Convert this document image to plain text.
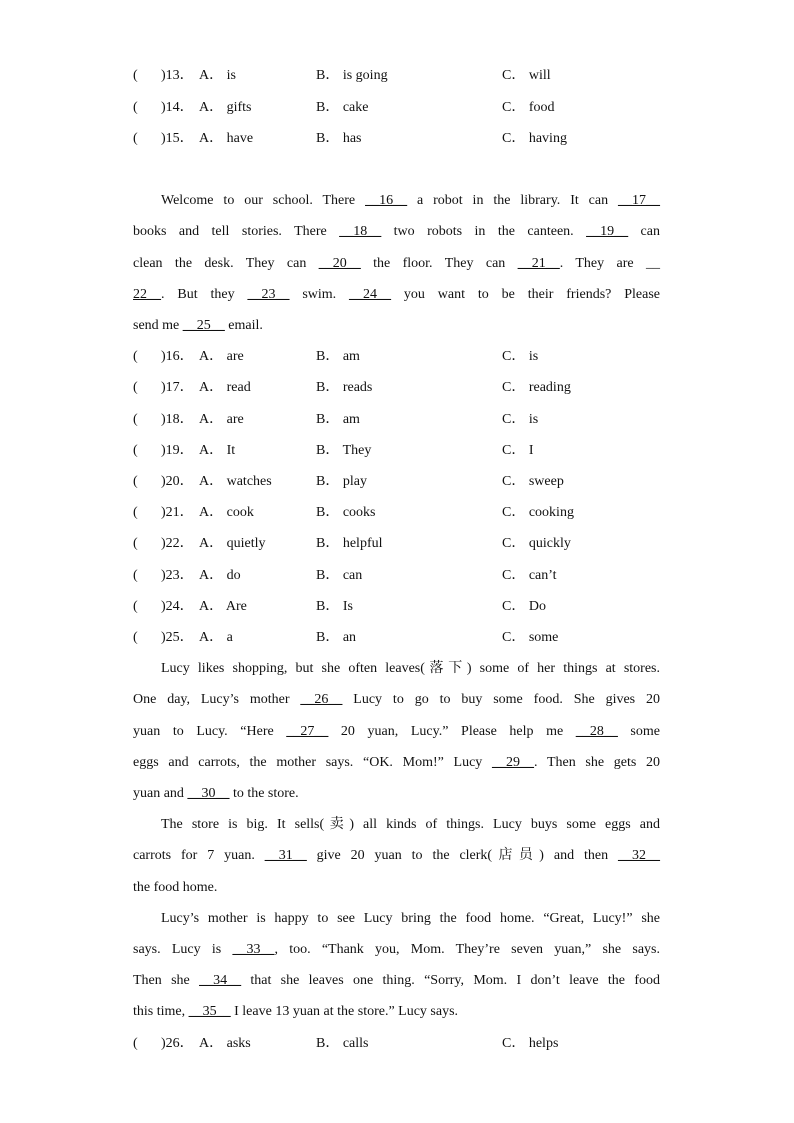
( )13． A． is	B． is going	C． will
( )14． A． gifts	B． cake	C． food
( )15． A． have	B． has	C． having
Welcome to our school. There __16__ a robot in the library. It can __17__
books and tell stories. There __18__ two robots in the canteen. __19__ can
clean the desk. They can __20__ the floor. They can __21__. They are __
22__. But they __23__ swim. __24__ you want to be their friends? Please
send me __25__ email.
( )16． A． are	B． am	C． is
( )17． A． read	B． reads	C． reading
( )18． A． are	B． am	C． is
( )19． A． It	B． They	C． I
( )20． A． watches	B． play	C． sweep
( )21． A． cook	B． cooks	C． cooking
( )22． A． quietly	B． helpful	C． quickly
( )23． A． do	B． can	C． can’t
( )24． A． Are	B． Is	C． Do
( )25． A． a	B． an	C． some
Lucy likes shopping, but she often leaves(落下) some of her things at stores.
One day, Lucy’s mother __26__ Lucy to go to buy some food. She gives 20
yuan to Lucy. “Here __27__ 20 yuan, Lucy.” Please help me __28__ some
eggs and carrots, the mother says. “OK. Mom!” Lucy __29__. Then she gets 20
yuan and __30__ to the store.
The store is big. It sells(卖) all kinds of things. Lucy buys some eggs and
carrots for 7 yuan. __31__ give 20 yuan to the clerk(店员) and then __32__
the food home.
Lucy’s mother is happy to see Lucy bring the food home. “Great, Lucy!” she
says. Lucy is __33__, too. “Thank you, Mom. They’re seven yuan,” she says.
Then she __34__ that she leaves one thing. “Sorry, Mom. I don’t leave the food
this time, __35__ I leave 13 yuan at the store.” Lucy says.
( )26． A． asks	B． calls	C． helps
